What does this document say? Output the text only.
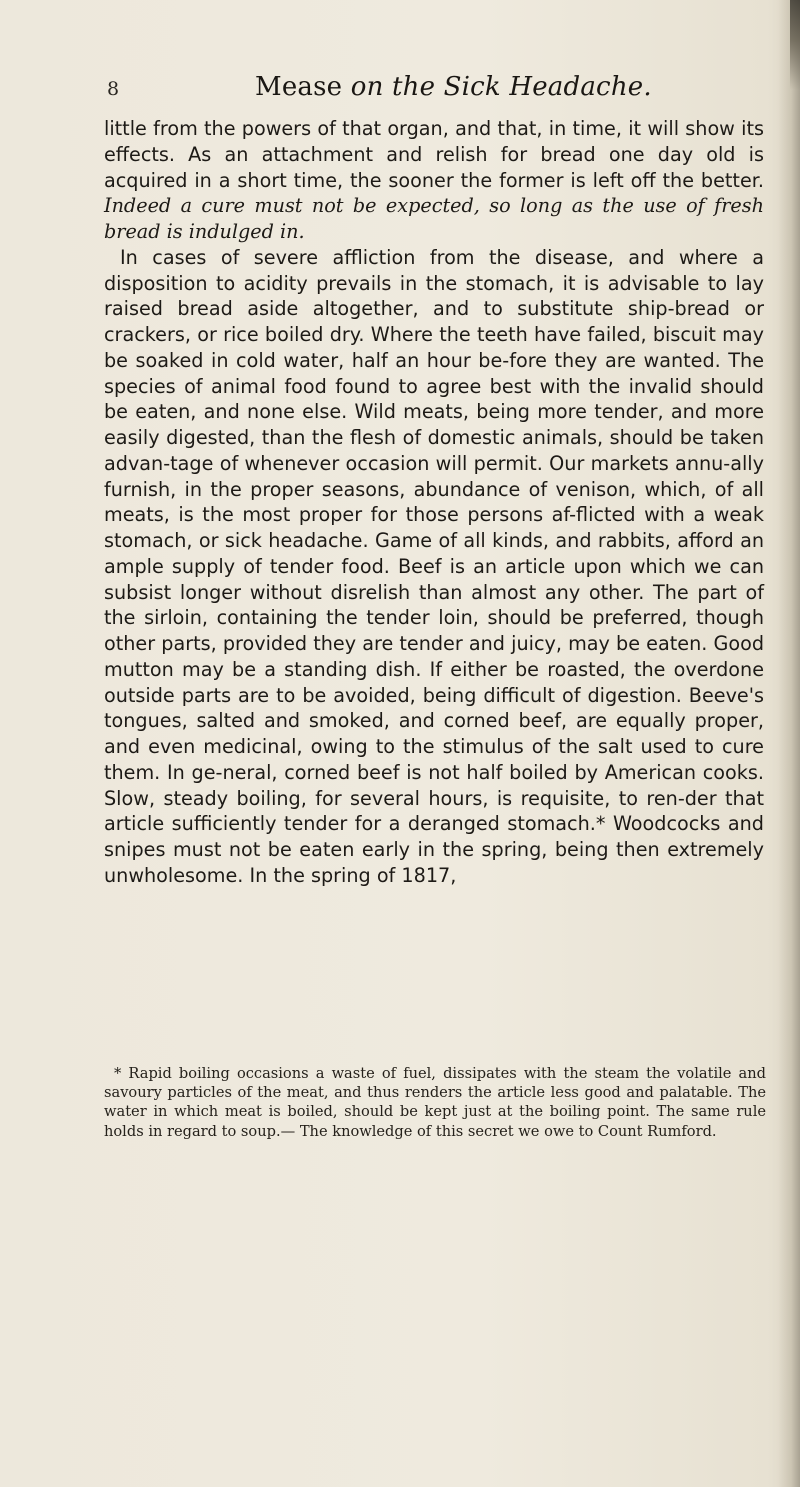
8	Mease on the Sick Headache.

little from the powers of that organ, and that, in time, it will show its effects. As an attachment and relish for bread one day old is acquired in a short time, the sooner the former is left off the better. Indeed a cure must not be expected, so long as the use of fresh bread is indulged in.

In cases of severe affliction from the disease, and where a disposition to acidity prevails in the stomach, it is advisable to lay raised bread aside altogether, and to substitute ship-bread or crackers, or rice boiled dry. Where the teeth have failed, biscuit may be soaked in cold water, half an hour be-fore they are wanted. The species of animal food found to agree best with the invalid should be eaten, and none else. Wild meats, being more tender, and more easily digested, than the flesh of domestic animals, should be taken advan-tage of whenever occasion will permit. Our markets annu-ally furnish, in the proper seasons, abundance of venison, which, of all meats, is the most proper for those persons af-flicted with a weak stomach, or sick headache. Game of all kinds, and rabbits, afford an ample supply of tender food. Beef is an article upon which we can subsist longer without disrelish than almost any other. The part of the sirloin, containing the tender loin, should be preferred, though other parts, provided they are tender and juicy, may be eaten. Good mutton may be a standing dish. If either be roasted, the overdone outside parts are to be avoided, being difficult of digestion. Beeve's tongues, salted and smoked, and corned beef, are equally proper, and even medicinal, owing to the stimulus of the salt used to cure them. In ge-neral, corned beef is not half boiled by American cooks. Slow, steady boiling, for several hours, is requisite, to ren-der that article sufficiently tender for a deranged stomach.* Woodcocks and snipes must not be eaten early in the spring, being then extremely unwholesome. In the spring of 1817,

* Rapid boiling occasions a waste of fuel, dissipates with the steam the volatile and savoury particles of the meat, and thus renders the article less good and palatable. The water in which meat is boiled, should be kept just at the boiling point. The same rule holds in regard to soup.— The knowledge of this secret we owe to Count Rumford.
